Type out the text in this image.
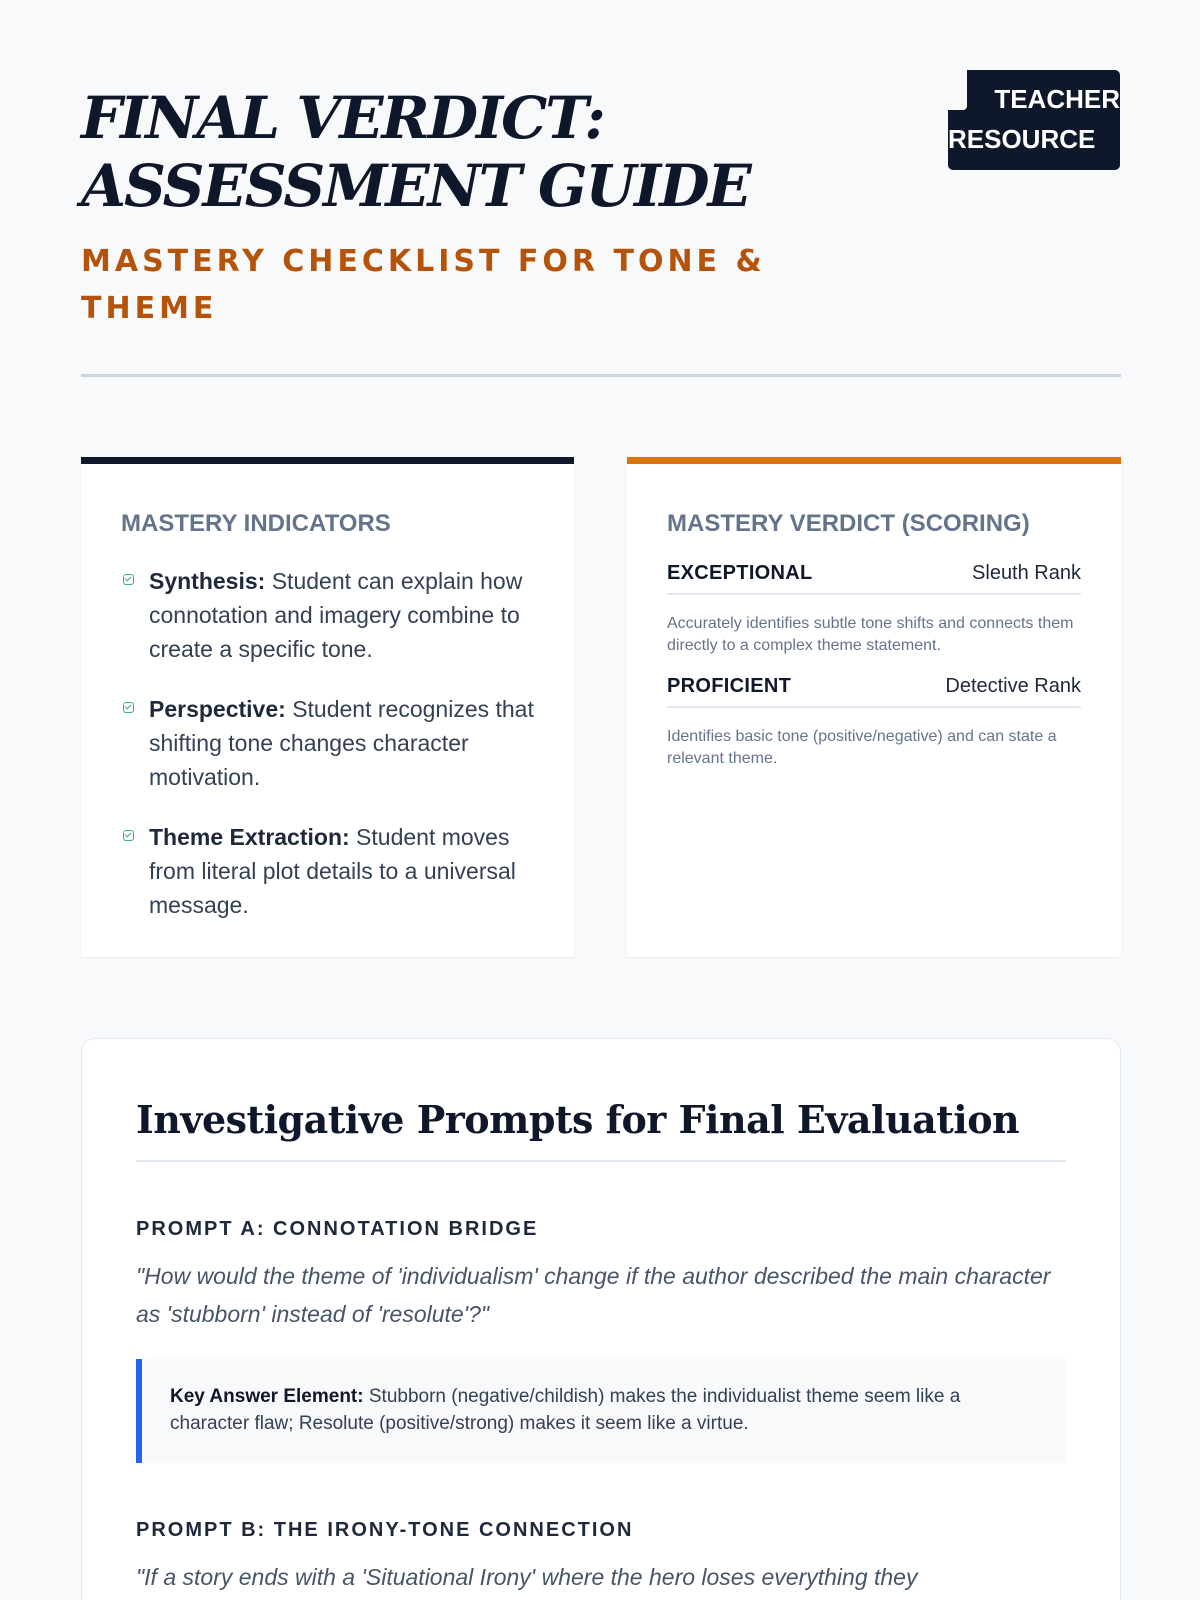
FINAL VERDICT:
ASSESSMENT GUIDE
MASTERY CHECKLIST FOR TONE & THEME
TEACHER
RESOURCE
MASTERY INDICATORS
Synthesis: Student can explain how connotation and imagery combine to create a specific tone.
Perspective: Student recognizes that shifting tone changes character motivation.
Theme Extraction: Student moves from literal plot details to a universal message.
MASTERY VERDICT (SCORING)
EXCEPTIONAL	Sleuth Rank

Accurately identifies subtle tone shifts and connects them directly to a complex theme statement.

PROFICIENT	Detective Rank

Identifies basic tone (positive/negative) and can state a relevant theme.

Investigative Prompts for Final Evaluation
PROMPT A: CONNOTATION BRIDGE
"How would the theme of 'individualism' change if the author described the main character as 'stubborn' instead of 'resolute'?"
Key Answer Element: Stubborn (negative/childish) makes the individualist theme seem like a character flaw; Resolute (positive/strong) makes it seem like a virtue.
PROMPT B: THE IRONY-TONE CONNECTION
"If a story ends with a 'Situational Irony' where the hero loses everything they
